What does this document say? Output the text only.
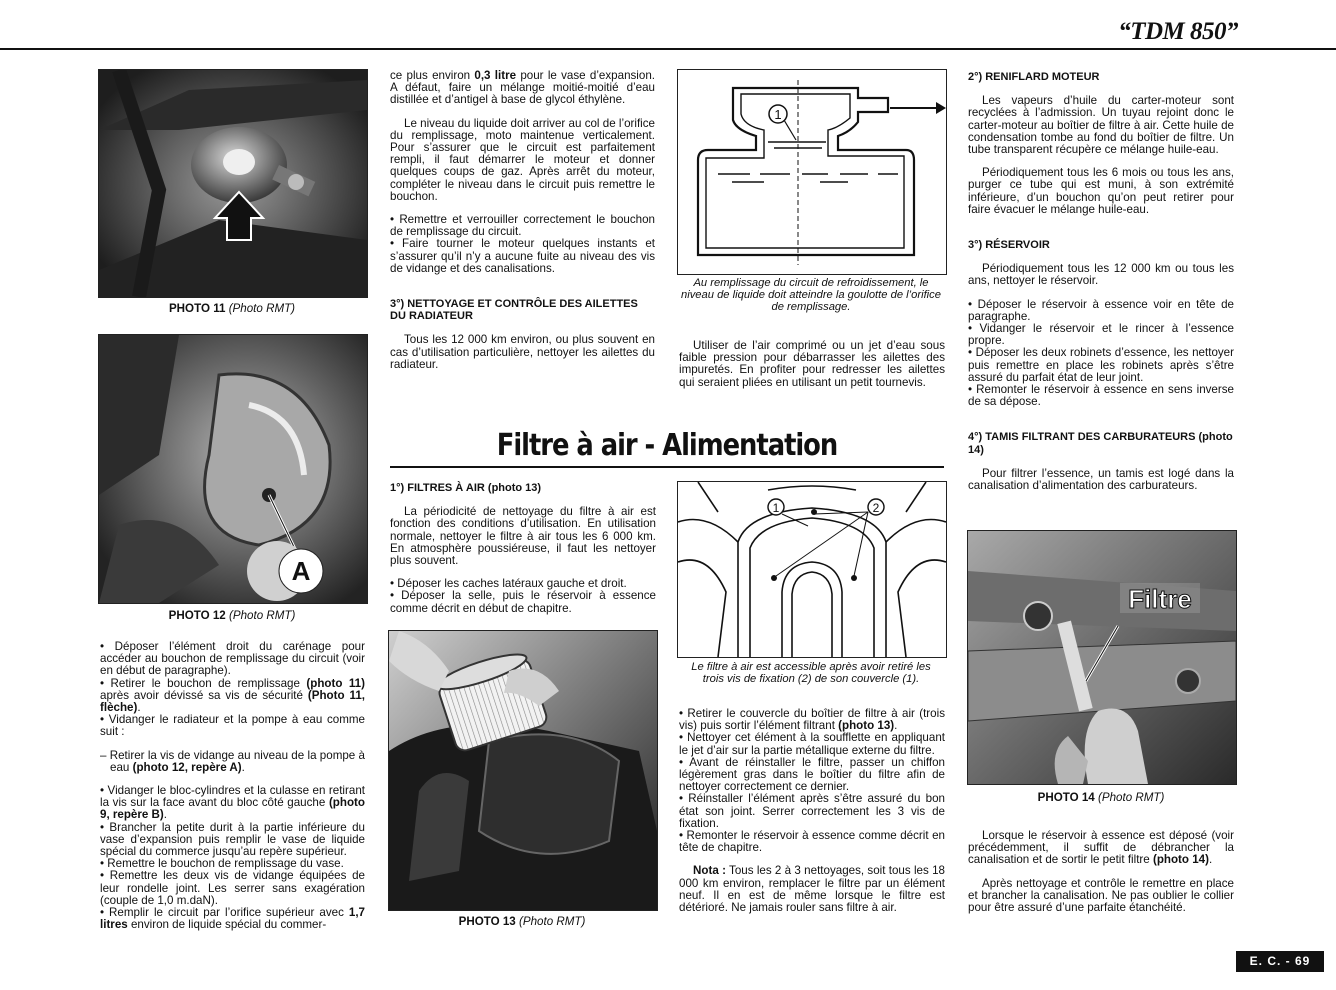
“TDM 850”
PHOTO 11 (Photo RMT)
A
PHOTO 12 (Photo RMT)

• Déposer l’élément droit du carénage pour accéder au bouchon de remplissage du circuit (voir en début de paragraphe).

• Retirer le bouchon de remplissage (photo 11) après avoir dévissé sa vis de sécurité (Photo 11, flèche).

• Vidanger le radiateur et la pompe à eau comme suit :

– Retirer la vis de vidange au niveau de la pompe à eau (photo 12, repère A).

• Vidanger le bloc-cylindres et la culasse en retirant la vis sur la face avant du bloc côté gauche (photo 9, repère B).

• Brancher la petite durit à la partie inférieure du vase d’expansion puis remplir le vase de liquide spécial du commerce jusqu’au repère supérieur.

• Remettre le bouchon de remplissage du vase.

• Remettre les deux vis de vidange équipées de leur rondelle joint. Les serrer sans exagération (couple de 1,0 m.daN).

• Remplir le circuit par l’orifice supérieur avec 1,7 litres environ de liquide spécial du commer-

ce plus environ 0,3 litre pour le vase d’expansion. A défaut, faire un mélange moitié-moitié d’eau distillée et d’antigel à base de glycol éthylène.

Le niveau du liquide doit arriver au col de l’orifice du remplissage, moto maintenue verticalement. Pour s’assurer que le circuit est parfaitement rempli, il faut démarrer le moteur et donner quelques coups de gaz. Après arrêt du moteur, compléter le niveau dans le circuit puis remettre le bouchon.

• Remettre et verrouiller correctement le bouchon de remplissage du circuit.

• Faire tourner le moteur quelques instants et s’assurer qu’il n’y a aucune fuite au niveau des vis de vidange et des canalisations.

3°) NETTOYAGE ET CONTRÔLE DES AILETTES DU RADIATEUR

Tous les 12 000 km environ, ou plus souvent en cas d’utilisation particulière, nettoyer les ailettes du radiateur.

1
Au remplissage du circuit de refroidissement, le niveau de liquide doit atteindre la goulotte de l’orifice de remplissage.

Utiliser de l’air comprimé ou un jet d’eau sous faible pression pour débarrasser les ailettes des impuretés. En profiter pour redresser les ailettes qui seraient pliées en utilisant un petit tournevis.

Filtre à air - Alimentation
1°) FILTRES À AIR (photo 13)

La périodicité de nettoyage du filtre à air est fonction des conditions d’utilisation. En utilisation normale, nettoyer le filtre à air tous les 6 000 km. En atmosphère poussiéreuse, il faut les nettoyer plus souvent.

• Déposer les caches latéraux gauche et droit.

• Déposer la selle, puis le réservoir à essence comme décrit en début de chapitre.

PHOTO 13 (Photo RMT)
1	2
Le filtre à air est accessible après avoir retiré les trois vis de fixation (2) de son couvercle (1).

• Retirer le couvercle du boîtier de filtre à air (trois vis) puis sortir l’élément filtrant (photo 13).

• Nettoyer cet élément à la soufflette en appliquant le jet d’air sur la partie métallique externe du filtre.

• Avant de réinstaller le filtre, passer un chiffon légèrement gras dans le boîtier du filtre afin de nettoyer correctement ce dernier.

• Réinstaller l’élément après s’être assuré du bon état son joint. Serrer correctement les 3 vis de fixation.

• Remonter le réservoir à essence comme décrit en tête de chapitre.

Nota : Tous les 2 à 3 nettoyages, soit tous les 18 000 km environ, remplacer le filtre par un élément neuf. Il en est de même lorsque le filtre est détérioré. Ne jamais rouler sans filtre à air.

2°) RENIFLARD MOTEUR

Les vapeurs d’huile du carter-moteur sont recyclées à l’admission. Un tuyau rejoint donc le carter-moteur au boîtier de filtre à air. Cette huile de condensation tombe au fond du boîtier de filtre. Un tube transparent récupère ce mélange huile-eau.

Périodiquement tous les 6 mois ou tous les ans, purger ce tube qui est muni, à son extrémité inférieure, d’un bouchon qu’on peut retirer pour faire évacuer le mélange huile-eau.

3°) RÉSERVOIR

Périodiquement tous les 12 000 km ou tous les ans, nettoyer le réservoir.

• Déposer le réservoir à essence voir en tête de paragraphe.

• Vidanger le réservoir et le rincer à l’essence propre.

• Déposer les deux robinets d’essence, les nettoyer puis remettre en place les robinets après s’être assuré du parfait état de leur joint.

• Remonter le réservoir à essence en sens inverse de sa dépose.

4°) TAMIS FILTRANT DES CARBURATEURS (photo 14)

Pour filtrer l’essence, un tamis est logé dans la canalisation d’alimentation des carburateurs.

Filtre
PHOTO 14 (Photo RMT)

Lorsque le réservoir à essence est déposé (voir précédemment, il suffit de débrancher la canalisation et de sortir le petit filtre (photo 14).

Après nettoyage et contrôle le remettre en place et brancher la canalisation. Ne pas oublier le collier pour être assuré d’une parfaite étanchéité.

E. C. - 69
